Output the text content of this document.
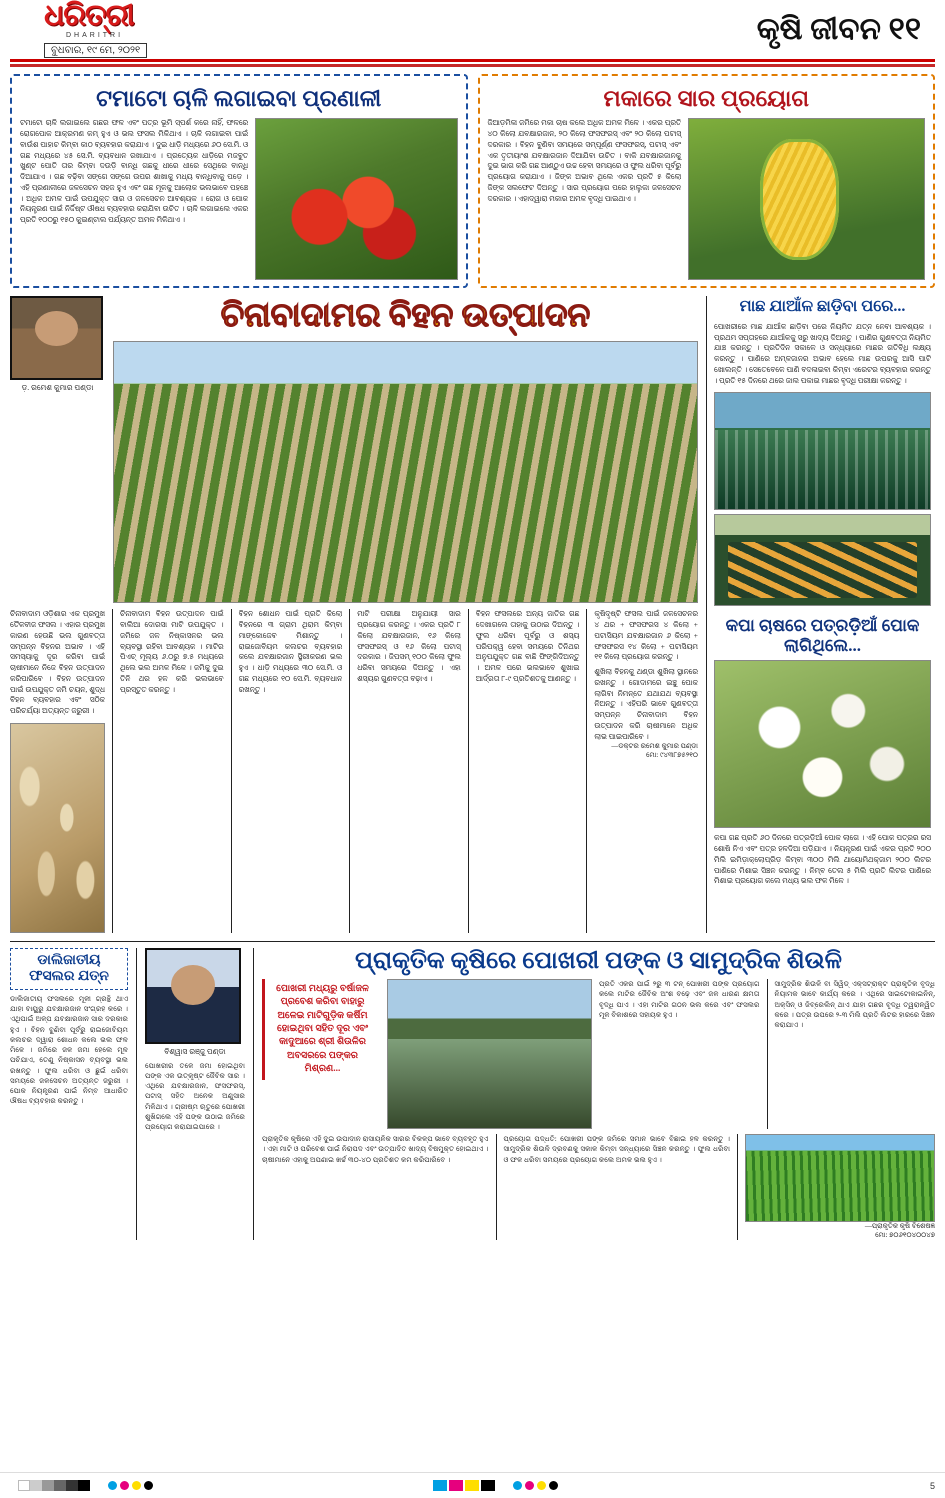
ଧରିତ୍ରୀ
DHARITRI
ବୁଧବାର, ୧୯ ମେ, ୨୦୨୧
କୃଷି ଜୀବନ ୧୧
ଟମାଟୋ ଚାଳି ଲଗାଇବା ପ୍ରଣାଳୀ
ଟମାଟୋ ଚାଳି ଲଗାଇଲେ ଗଛର ଫଳ ଏବଂ ପତ୍ର ଭୂମି ସ୍ପର୍ଶ କରେ ନାହିଁ, ଫଳରେ ରୋଗପୋକ ଆକ୍ରମଣ କମ୍ ହୁଏ ଓ ଭଲ ଫସଲ ମିଳିଥାଏ । ଚାଳି ଲଗାଇବା ପାଇଁ ବାଉଁଶ ପାହାଚ କିମ୍ବା କାଠ ବ୍ୟବହାର କରାଯାଏ । ଦୁଇ ଧାଡ଼ି ମଧ୍ୟରେ ୬୦ ସେ.ମି. ଓ ଗଛ ମଧ୍ୟରେ ୪୫ ସେ.ମି. ବ୍ୟବଧାନ ରଖାଯାଏ । ପ୍ରତ୍ୟେକ ଧାଡ଼ିରେ ମଜବୁତ ଖୁଣ୍ଟ ପୋତି ତାର କିମ୍ବା ଦଉଡ଼ି ବାନ୍ଧି ଗଛକୁ ଧୀରେ ଧୀରେ ସେଥିରେ ବାନ୍ଧି ଦିଆଯାଏ । ଗଛ ବଢ଼ିବା ସଙ୍ଗେ ସଙ୍ଗେ ଉପର ଶାଖାକୁ ମଧ୍ୟ ବାନ୍ଧିବାକୁ ପଡ଼େ । ଏହି ପ୍ରଣାଳୀରେ ଜଳସେଚନ ସହଜ ହୁଏ ଏବଂ ଗଛ ମୂଳକୁ ଆଲୋକ ଭଲଭାବେ ପହଞ୍ଚେ । ଅଧିକ ଅମଳ ପାଇଁ ଉପଯୁକ୍ତ ସାର ଓ ଜଳସେଚନ ଆବଶ୍ୟକ । ରୋଗ ଓ ପୋକ ନିୟନ୍ତ୍ରଣ ପାଇଁ ନିର୍ଦ୍ଦିଷ୍ଟ ଔଷଧ ବ୍ୟବହାର କରାଯିବା ଉଚିତ । ଚାଳି ଲଗାଇଲେ ଏକର ପ୍ରତି ୧୦୦ରୁ ୧୫୦ କୁଇଣ୍ଟାଲ ପର୍ଯ୍ୟନ୍ତ ଅମଳ ମିଳିଥାଏ ।
ମକାରେ ସାର ପ୍ରୟୋଗ
ଜିଆଡ଼ମିଳା ଜମିରେ ମକା ଚାଷ କଲେ ଅଧିକ ଅମଳ ମିଳେ । ଏକର ପ୍ରତି ୪୦ କିଲୋ ଯବକ୍ଷାରଜାନ, ୨୦ କିଲୋ ଫସଫରସ୍ ଏବଂ ୨୦ କିଲୋ ପଟାସ୍ ଦରକାର । ବିହନ ବୁଣିବା ସମୟରେ ସମ୍ପୂର୍ଣ୍ଣ ଫସଫରସ୍, ପଟାସ୍ ଏବଂ ଏକ ତୃତୀୟାଂଶ ଯବକ୍ଷାରଜାନ ଦିଆଯିବା ଉଚିତ । ବାକି ଯବକ୍ଷାରଜାନକୁ ଦୁଇ ଭାଗ କରି ଗଛ ଆଣ୍ଠୁଏ ଉଚ୍ଚ ହେବା ସମୟରେ ଓ ଫୁଲ ଧରିବା ପୂର୍ବରୁ ପ୍ରୟୋଗ କରାଯାଏ । ଜିଙ୍କ ଅଭାବ ଥିଲେ ଏକର ପ୍ରତି ୫ କିଲୋ ଜିଙ୍କ ସଲଫେଟ ଦିଅନ୍ତୁ । ସାର ପ୍ରୟୋଗ ପରେ ହାଲୁକା ଜଳସେଚନ ଦରକାର । ଏହାଦ୍ୱାରା ମକାର ଅମଳ ବୃଦ୍ଧି ପାଇଥାଏ ।
ଡ଼. ରମେଶ କୁମାର ପଣ୍ଡା
ଚିନାବାଦାମର ବିହନ ଉତ୍ପାଦନ
ଚିନାବାଦାମ ଓଡ଼ିଶାର ଏକ ପ୍ରମୁଖ ତୈଳବୀଜ ଫସଲ । ଏହାର ପ୍ରମୁଖ କାରଣ ହେଉଛି ଭଲ ଗୁଣବତ୍ତା ସମ୍ପନ୍ନ ବିହନର ଅଭାବ । ଏହି ସମସ୍ୟାକୁ ଦୂର କରିବା ପାଇଁ ଚାଷୀମାନେ ନିଜେ ବିହନ ଉତ୍ପାଦନ କରିପାରିବେ । ବିହନ ଉତ୍ପାଦନ ପାଇଁ ଉପଯୁକ୍ତ ଜମି ଚୟନ, ଶୁଦ୍ଧ ବିହନ ବ୍ୟବହାର ଏବଂ ସଠିକ ପରିଚର୍ଯ୍ୟା ଅତ୍ୟନ୍ତ ଜରୁରୀ ।
ଚିନାବାଦାମ ବିହନ ଉତ୍ପାଦନ ପାଇଁ ବାଲିଆ ଦୋରସା ମାଟି ଉପଯୁକ୍ତ । ଜମିରେ ଜଳ ନିଷ୍କାସନର ଭଲ ବ୍ୟବସ୍ଥା ରହିବା ଆବଶ୍ୟକ । ମାଟିର ପିଏଚ୍ ମୂଲ୍ୟ ୬.୦ରୁ ୭.୫ ମଧ୍ୟରେ ଥିଲେ ଭଲ ଅମଳ ମିଳେ । ଜମିକୁ ଦୁଇ ତିନି ଥର ହଳ କରି ଭଲଭାବେ ପ୍ରସ୍ତୁତ କରନ୍ତୁ ।
ବିହନ ଶୋଧନ ପାଇଁ ପ୍ରତି କିଲୋ ବିହନରେ ୩ ଗ୍ରାମ ଥିରାମ କିମ୍ବା ମାଙ୍କୋଜେବ ମିଶାନ୍ତୁ । ରାଇଜୋବିୟମ କଲଚର ବ୍ୟବହାର କଲେ ଯବକ୍ଷାରଜାନ ସ୍ଥିରୀକରଣ ଭଲ ହୁଏ । ଧାଡ଼ି ମଧ୍ୟରେ ୩୦ ସେ.ମି. ଓ ଗଛ ମଧ୍ୟରେ ୧୦ ସେ.ମି. ବ୍ୟବଧାନ ରଖନ୍ତୁ ।
ମାଟି ପରୀକ୍ଷା ଅନୁଯାୟୀ ସାର ପ୍ରୟୋଗ କରନ୍ତୁ । ଏକର ପ୍ରତି ୮ କିଲୋ ଯବକ୍ଷାରଜାନ, ୧୬ କିଲୋ ଫସଫରସ୍ ଓ ୧୬ କିଲୋ ପଟାସ୍ ଦରକାର । ଜିପସମ୍ ୧୦୦ କିଲୋ ଫୁଲ ଧରିବା ସମୟରେ ଦିଅନ୍ତୁ । ଏହା ଶସ୍ୟର ଗୁଣବତ୍ତା ବଢ଼ାଏ ।
ବିହନ ଫସଲରେ ଅନ୍ୟ ଜାତିର ଗଛ ଦେଖାଗଲେ ତାହାକୁ ଉଠାଇ ଦିଅନ୍ତୁ । ଫୁଲ ଧରିବା ପୂର୍ବରୁ ଓ ଶସ୍ୟ ପରିପକ୍ୱ ହେବା ସମୟରେ ତିନିଥର ଅନୁପଯୁକ୍ତ ଗଛ ବାଛି ଫିଙ୍ଗିଦିଅନ୍ତୁ । ଅମଳ ପରେ ଭଲଭାବେ ଶୁଖାଇ ଆର୍ଦ୍ରତା ୮-୯ ପ୍ରତିଶତକୁ ଆଣନ୍ତୁ ।
କୃଷିଦୃଷ୍ଟି ଫସଲ ପାଇଁ ଜଳସେଚନର ୪ ଥର + ଫସଫରସ ୪ କିଲୋ + ପଟାସିୟମ ଯବକ୍ଷାରଜାନ ୬ କିଲୋ + ଫସଫରସ ୧୪ କିଲୋ + ପଟାସିୟମ ୧୧ କିଲୋ ପ୍ରୟୋଗ କରନ୍ତୁ ।
ଶୁଖିଲା ବିହନକୁ ଥଣ୍ଡା ଶୁଖିଲା ସ୍ଥାନରେ ରଖନ୍ତୁ । ଗୋଦାମରେ ଇଞ୍ଚୁ ପୋକ ଲାଗିବା ନିମନ୍ତେ ଯଥାଯଥ ବ୍ୟବସ୍ଥା ନିଅନ୍ତୁ । ଏହିପରି ଭାବେ ଗୁଣବତ୍ତା ସମ୍ପନ୍ନ ଚିନାବାଦାମ ବିହନ ଉତ୍ପାଦନ କରି ଚାଷୀମାନେ ଅଧିକ ଲାଭ ପାଇପାରିବେ ।
—ଡକ୍ଟର ରମେଶ କୁମାର ପଣ୍ଡା
ମୋ: ୯୪୩୮୭୫୨୧୦
ମାଛ ଯାଆଁଳ ଛାଡ଼ିବା ପରେ...
ପୋଖରୀରେ ମାଛ ଯାଆଁଳ ଛାଡ଼ିବା ପରେ ନିୟମିତ ଯତ୍ନ ନେବା ଆବଶ୍ୟକ । ପ୍ରଥମ ସପ୍ତାହରେ ଯାଆଁଳକୁ ସରୁ ଖାଦ୍ୟ ଦିଅନ୍ତୁ । ପାଣିର ଗୁଣବତ୍ତା ନିୟମିତ ଯାଞ୍ଚ କରନ୍ତୁ । ପ୍ରତିଦିନ ସକାଳେ ଓ ସନ୍ଧ୍ୟାରେ ମାଛର ଗତିବିଧି ଲକ୍ଷ୍ୟ କରନ୍ତୁ । ପାଣିରେ ଅମ୍ଳଜାନର ଅଭାବ ହେଲେ ମାଛ ଉପରକୁ ଆସି ପାଟି ଖୋଲନ୍ତି । ସେତେବେଳେ ପାଣି ବଦଳାଇବା କିମ୍ବା ଏରେଟର ବ୍ୟବହାର କରନ୍ତୁ । ପ୍ରତି ୧୫ ଦିନରେ ଥରେ ଜାଲ ପକାଇ ମାଛର ବୃଦ୍ଧି ପରୀକ୍ଷା କରନ୍ତୁ ।
କପା ଚାଷରେ ପତ୍ରଡ଼ିଆଁ ପୋକ ଲାଗିଥିଲେ...
କପା ଗଛ ପ୍ରତି ୬୦ ଦିନରେ ପତ୍ରଡ଼ିଆଁ ପୋକ ଲାଗେ । ଏହି ପୋକ ପତ୍ରର ରସ ଶୋଷି ନିଏ ଏବଂ ପତ୍ର ହଳଦିଆ ପଡ଼ିଯାଏ । ନିୟନ୍ତ୍ରଣ ପାଇଁ ଏକର ପ୍ରତି ୨୦୦ ମିଲି ଇମିଡ଼ାକ୍ଲୋପ୍ରିଡ଼ କିମ୍ବା ୩୦୦ ମିଲି ଥାୟୋମିଥକ୍ଜାମ ୨୦୦ ଲିଟର ପାଣିରେ ମିଶାଇ ସିଞ୍ଚନ କରନ୍ତୁ । ନିମ୍ବ ତେଲ ୫ ମିଲି ପ୍ରତି ଲିଟର ପାଣିରେ ମିଶାଇ ପ୍ରୟୋଗ କଲେ ମଧ୍ୟ ଭଲ ଫଳ ମିଳେ ।
ଡାଲିଜାତୀୟ ଫସଲର ଯତ୍ନ
ଡାଲିଜାତୀୟ ଫସଲରେ ମୂଳୀ ଗ୍ରନ୍ଥି ଥାଏ ଯାହା ବାୟୁରୁ ଯବକ୍ଷାରଜାନ ସଂଗ୍ରହ କରେ । ଏଥିପାଇଁ ଅଳ୍ପ ଯବକ୍ଷାରଜାନ ସାର ଦରକାର ହୁଏ । ବିହନ ବୁଣିବା ପୂର୍ବରୁ ରାଇଜୋବିୟମ କଲଚର ଦ୍ୱାରା ଶୋଧନ କଲେ ଭଲ ଫଳ ମିଳେ । ଜମିରେ ଜଳ ଜମା ହେଲେ ମୂଳ ପଚିଯାଏ, ତେଣୁ ନିଷ୍କାସନ ବ୍ୟବସ୍ଥା ଭଲ ରଖନ୍ତୁ । ଫୁଲ ଧରିବା ଓ ଛୁଇଁ ଧରିବା ସମୟରେ ଜଳସେଚନ ଅତ୍ୟନ୍ତ ଜରୁରୀ । ପୋକ ନିୟନ୍ତ୍ରଣ ପାଇଁ ନିମ୍ବ ଆଧାରିତ ଔଷଧ ବ୍ୟବହାର କରନ୍ତୁ ।
ବିଶ୍ୱାସ ରଞ୍ଜୁ ପଣ୍ଡା
ପୋଖରୀର ତଳେ ଜମା ହୋଇଥିବା ପଙ୍କ ଏକ ଉତ୍କୃଷ୍ଟ ଜୈବିକ ସାର । ଏଥିରେ ଯବକ୍ଷାରଜାନ, ଫସଫରସ୍, ପଟାସ୍ ସହିତ ଅନେକ ଅଣୁସାର ମିଳିଥାଏ । ଗ୍ରୀଷ୍ମ ଋତୁରେ ପୋଖରୀ ଶୁଖିଗଲେ ଏହି ପଙ୍କ ଉଠାଇ ଜମିରେ ପ୍ରୟୋଗ କରାଯାଇପାରେ ।
ପ୍ରାକୃତିକ କୃଷିରେ ପୋଖରୀ ପଙ୍କ ଓ ସାମୁଦ୍ରିକ ଶିଉଳି
ପୋଖରୀ ମଧ୍ୟରୁ ବର୍ଷାଜଳ ପ୍ରବେଶ କରିବା ବାହାରୁ ଅଳେଇ ମାଟିଗୁଡ଼ିକ କର୍ଷିମ ହୋଇଥିବା ସହିତ ଦୂର ଏବଂ କାଦୁଆରେ ଶ୍ରୀ ଶିଉଳିର ଅବସରରେ ପଙ୍କର ମିଶ୍ରଣ...
ପ୍ରତି ଏକର ପାଇଁ ୨ରୁ ୩ ଟନ୍ ପୋଖରୀ ପଙ୍କ ପ୍ରୟୋଗ କଲେ ମାଟିର ଜୈବିକ ଅଂଶ ବଢ଼େ ଏବଂ ଜଳ ଧାରଣ କ୍ଷମତା ବୃଦ୍ଧି ପାଏ । ଏହା ମାଟିର ଗଠନ ଭଲ କରେ ଏବଂ ଫସଲର ମୂଳ ବିକାଶରେ ସହାୟକ ହୁଏ ।
ସାମୁଦ୍ରିକ ଶିଉଳି ବା ସିୱିଡ୍ ଏକ୍ସଟ୍ରାକ୍ଟ ପ୍ରାକୃତିକ ବୃଦ୍ଧି ନିୟାମକ ଭାବେ କାର୍ଯ୍ୟ କରେ । ଏଥିରେ ସାଇଟୋକାଇନିନ୍, ଅକ୍ସିନ୍ ଓ ଜିବ୍ରେଲିନ୍ ଥାଏ ଯାହା ଗଛର ବୃଦ୍ଧି ତ୍ୱରାନ୍ୱିତ କରେ । ପତ୍ର ଉପରେ ୨-୩ ମିଲି ପ୍ରତି ଲିଟର ହାରରେ ସିଞ୍ଚନ କରାଯାଏ ।
ପ୍ରାକୃତିକ କୃଷିରେ ଏହି ଦୁଇ ଉପାଦାନ ରାସାୟନିକ ସାରର ବିକଳ୍ପ ଭାବେ ବ୍ୟବହୃତ ହୁଏ । ଏହା ମାଟି ଓ ପରିବେଶ ପାଇଁ ନିରାପଦ ଏବଂ ଉତ୍ପାଦିତ ଖାଦ୍ୟ ବିଷମୁକ୍ତ ହୋଇଥାଏ । ଚାଷୀମାନେ ଏହାକୁ ଅପଣାଇ ଖର୍ଚ୍ଚ ୩୦-୪୦ ପ୍ରତିଶତ କମ କରିପାରିବେ ।
ପ୍ରୟୋଗ ପଦ୍ଧତି: ପୋଖରୀ ପଙ୍କ ଜମିରେ ସମାନ ଭାବେ ବିଛାଇ ହଳ କରନ୍ତୁ । ସାମୁଦ୍ରିକ ଶିଉଳି ଦ୍ରବଣକୁ ସକାଳ କିମ୍ବା ସନ୍ଧ୍ୟାରେ ସିଞ୍ଚନ କରନ୍ତୁ । ଫୁଲ ଧରିବା ଓ ଫଳ ଧରିବା ସମୟରେ ପ୍ରୟୋଗ କଲେ ଅମଳ ଭଲ ହୁଏ ।
—ପ୍ରାକୃତିକ କୃଷି ବିଶେଷଜ୍ଞ
ମୋ: ୭୦୬୧୦୪୦୦୪୭
5
